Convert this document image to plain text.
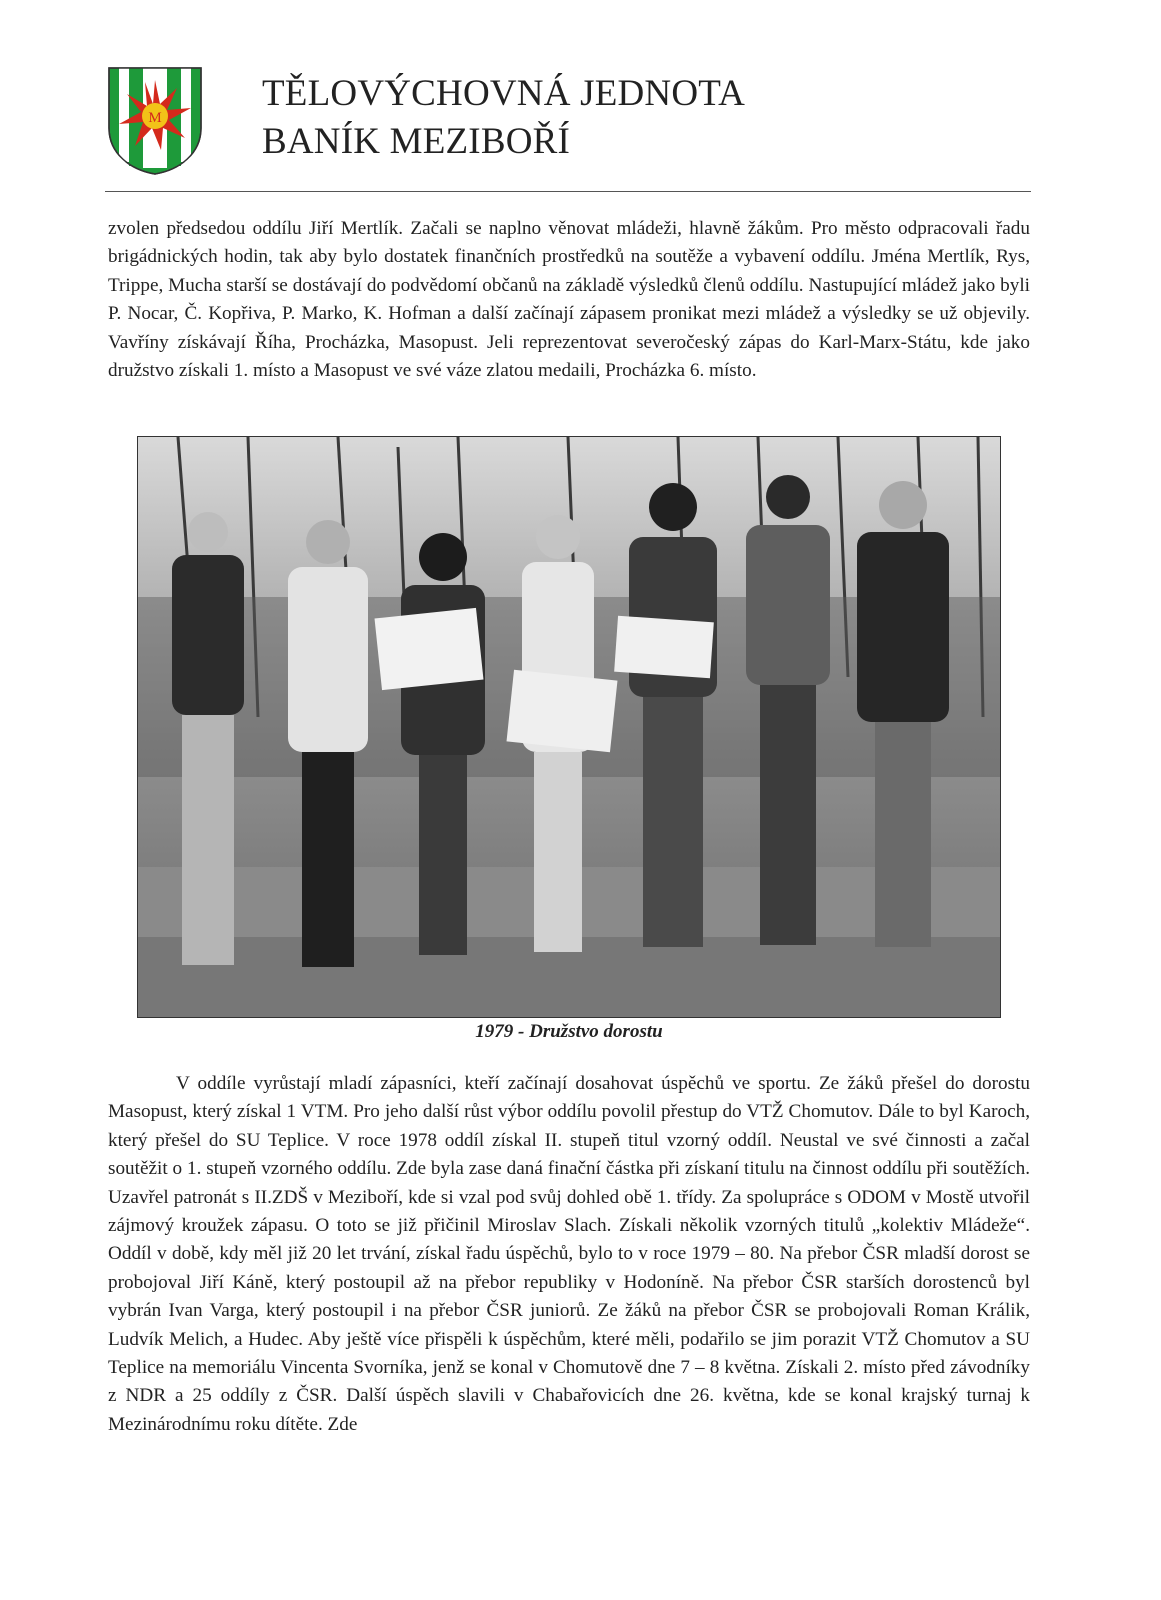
M
TĚLOVÝCHOVNÁ JEDNOTA
BANÍK MEZIBOŘÍ

zvolen předsedou oddílu Jiří Mertlík. Začali se naplno věnovat mládeži, hlavně žákům. Pro město odpracovali řadu brigádnických hodin, tak aby bylo dostatek finančních prostředků na soutěže a vybavení oddílu. Jména Mertlík, Rys, Trippe, Mucha starší se dostávají do podvědomí občanů na základě výsledků členů oddílu. Nastupující mládež jako byli P. Nocar, Č. Kopřiva, P. Marko, K. Hofman a další začínají zápasem pronikat mezi mládež a výsledky se už objevily. Vavříny získávají Říha, Procházka, Masopust. Jeli reprezentovat severočeský zápas do Karl-Marx-Státu, kde jako družstvo získali 1. místo a Masopust ve své váze zlatou medaili, Procházka 6. místo.

1979 - Družstvo dorostu

V oddíle vyrůstají mladí zápasníci, kteří začínají dosahovat úspěchů ve sportu. Ze žáků přešel do dorostu Masopust, který získal 1 VTM. Pro jeho další růst výbor oddílu povolil přestup do VTŽ Chomutov. Dále to byl Karoch, který přešel do SU Teplice. V roce 1978 oddíl získal II. stupeň titul vzorný oddíl. Neustal ve své činnosti a začal soutěžit o 1. stupeň vzorného oddílu. Zde byla zase daná finační částka při získaní titulu na činnost oddílu při soutěžích. Uzavřel patronát s II.ZDŠ v Meziboří, kde si vzal pod svůj dohled obě 1. třídy. Za spolupráce s ODOM v Mostě utvořil zájmový kroužek zápasu. O toto se již přičinil Miroslav Slach. Získali několik vzorných titulů „kolektiv Mládeže“. Oddíl v době, kdy měl již 20 let trvání, získal řadu úspěchů, bylo to v roce 1979 – 80. Na přebor ČSR mladší dorost se probojoval Jiří Káně, který postoupil až na přebor republiky v Hodoníně. Na přebor ČSR starších dorostenců byl vybrán Ivan Varga, který postoupil i na přebor ČSR juniorů. Ze žáků na přebor ČSR se probojovali Roman Králik, Ludvík Melich, a Hudec. Aby ještě více přispěli k úspěchům, které měli, podařilo se jim porazit VTŽ Chomutov a SU Teplice na memoriálu Vincenta Svorníka, jenž se konal v Chomutově dne 7 – 8 května. Získali 2. místo před závodníky z NDR a 25 oddíly z ČSR. Další úspěch slavili v Chabařovicích dne 26. května, kde se konal krajský turnaj k Mezinárodnímu roku dítěte. Zde
